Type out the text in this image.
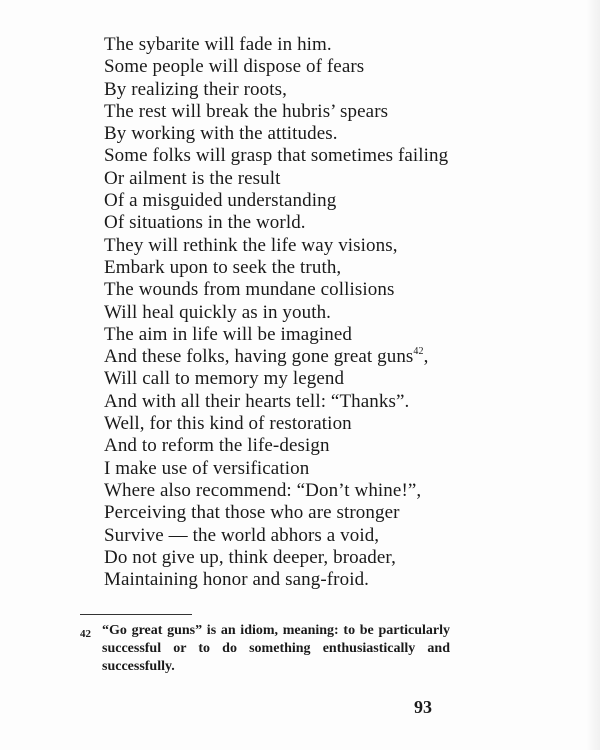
The sybarite will fade in him.
Some people will dispose of fears
By realizing their roots,
The rest will break the hubris’ spears
By working with the attitudes.
Some folks will grasp that sometimes failing
Or ailment is the result
Of a misguided understanding
Of situations in the world.
They will rethink the life way visions,
Embark upon to seek the truth,
The wounds from mundane collisions
Will heal quickly as in youth.
The aim in life will be imagined
And these folks, having gone great guns$^{42}$,
Will call to memory my legend
And with all their hearts tell: “Thanks”.
Well, for this kind of restoration
And to reform the life-design
I make use of versification
Where also recommend: “Don’t whine!”,
Perceiving that those who are stronger
Survive — the world abhors a void,
Do not give up, think deeper, broader,
Maintaining honor and sang-froid.
42 “Go great guns” is an idiom, meaning: to be particularly successful or to do something enthusiastically and successfully.
93
